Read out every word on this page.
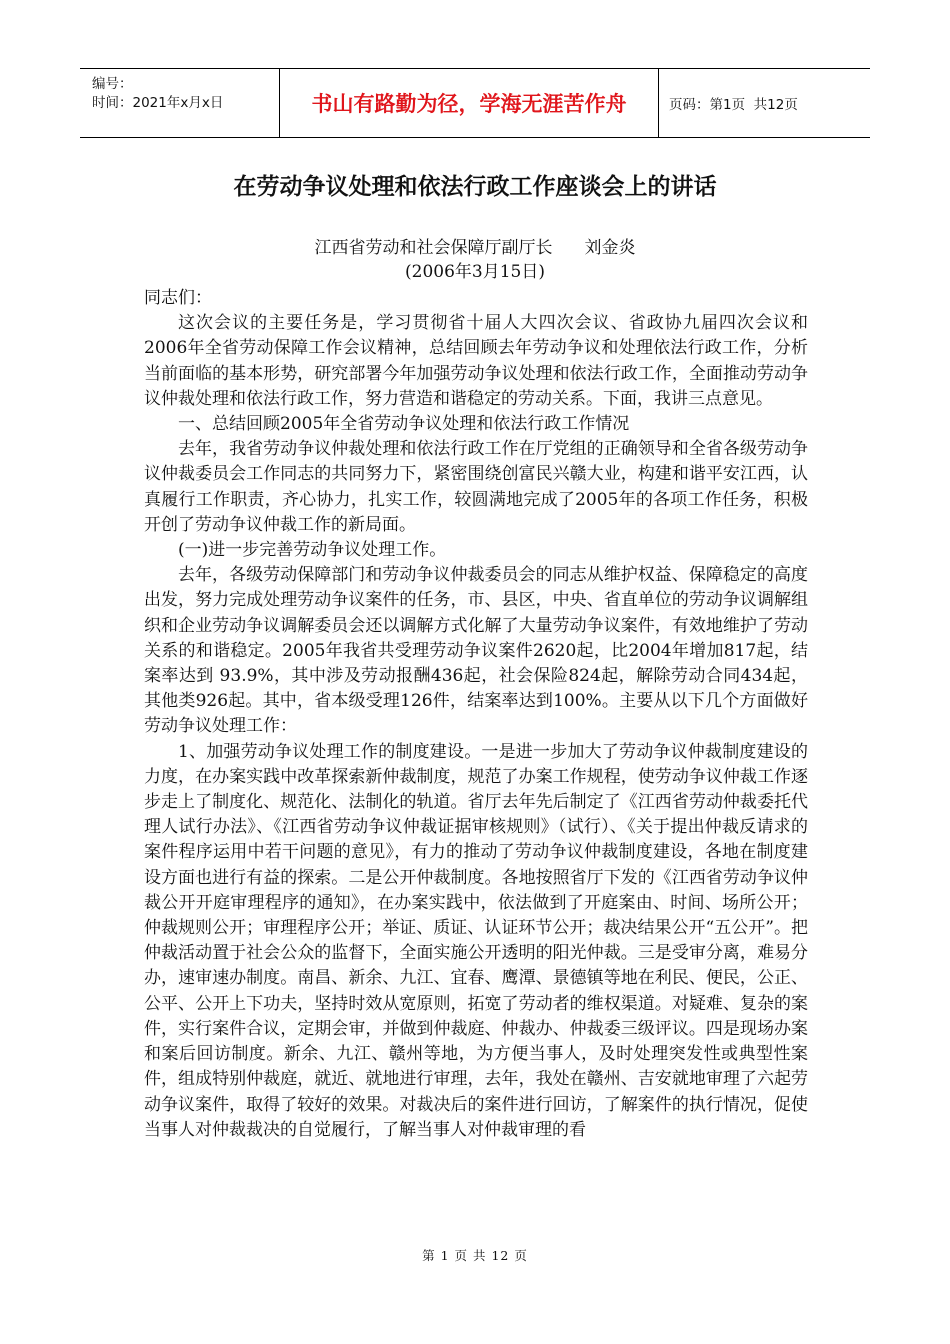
编号：
时间：2021年x月x日	书山有路勤为径，学海无涯苦作舟	页码：第1页  共12页
在劳动争议处理和依法行政工作座谈会上的讲话
江西省劳动和社会保障厅副厅长 刘金炎
(2006年3月15日)

同志们：

这次会议的主要任务是，学习贯彻省十届人大四次会议、省政协九届四次会议和2006年全省劳动保障工作会议精神，总结回顾去年劳动争议和处理依法行政工作，分析当前面临的基本形势，研究部署今年加强劳动争议处理和依法行政工作，全面推动劳动争议仲裁处理和依法行政工作，努力营造和谐稳定的劳动关系。下面，我讲三点意见。

一、总结回顾2005年全省劳动争议处理和依法行政工作情况

去年，我省劳动争议仲裁处理和依法行政工作在厅党组的正确领导和全省各级劳动争议仲裁委员会工作同志的共同努力下，紧密围绕创富民兴赣大业，构建和谐平安江西，认真履行工作职责，齐心协力，扎实工作，较圆满地完成了2005年的各项工作任务，积极开创了劳动争议仲裁工作的新局面。

(一)进一步完善劳动争议处理工作。

去年，各级劳动保障部门和劳动争议仲裁委员会的同志从维护权益、保障稳定的高度出发，努力完成处理劳动争议案件的任务，市、县区，中央、省直单位的劳动争议调解组织和企业劳动争议调解委员会还以调解方式化解了大量劳动争议案件，有效地维护了劳动关系的和谐稳定。2005年我省共受理劳动争议案件2620起，比2004年增加817起，结案率达到 93.9%，其中涉及劳动报酬436起，社会保险824起，解除劳动合同434起，其他类926起。其中，省本级受理126件，结案率达到100%。主要从以下几个方面做好劳动争议处理工作：

1、加强劳动争议处理工作的制度建设。一是进一步加大了劳动争议仲裁制度建设的力度，在办案实践中改革探索新仲裁制度，规范了办案工作规程，使劳动争议仲裁工作逐步走上了制度化、规范化、法制化的轨道。省厅去年先后制定了《江西省劳动仲裁委托代理人试行办法》、《江西省劳动争议仲裁证据审核规则》（试行）、《关于提出仲裁反请求的案件程序运用中若干问题的意见》，有力的推动了劳动争议仲裁制度建设，各地在制度建设方面也进行有益的探索。二是公开仲裁制度。各地按照省厅下发的《江西省劳动争议仲裁公开开庭审理程序的通知》，在办案实践中，依法做到了开庭案由、时间、场所公开；仲裁规则公开；审理程序公开；举证、质证、认证环节公开；裁决结果公开“五公开”。把仲裁活动置于社会公众的监督下，全面实施公开透明的阳光仲裁。三是受审分离，难易分办，速审速办制度。南昌、新余、九江、宜春、鹰潭、景德镇等地在利民、便民，公正、公平、公开上下功夫，坚持时效从宽原则，拓宽了劳动者的维权渠道。对疑难、复杂的案件，实行案件合议，定期会审，并做到仲裁庭、仲裁办、仲裁委三级评议。四是现场办案和案后回访制度。新余、九江、赣州等地，为方便当事人，及时处理突发性或典型性案件，组成特别仲裁庭，就近、就地进行审理，去年，我处在赣州、吉安就地审理了六起劳动争议案件，取得了较好的效果。对裁决后的案件进行回访，了解案件的执行情况，促使当事人对仲裁裁决的自觉履行，了解当事人对仲裁审理的看

第 1 页 共 12 页
